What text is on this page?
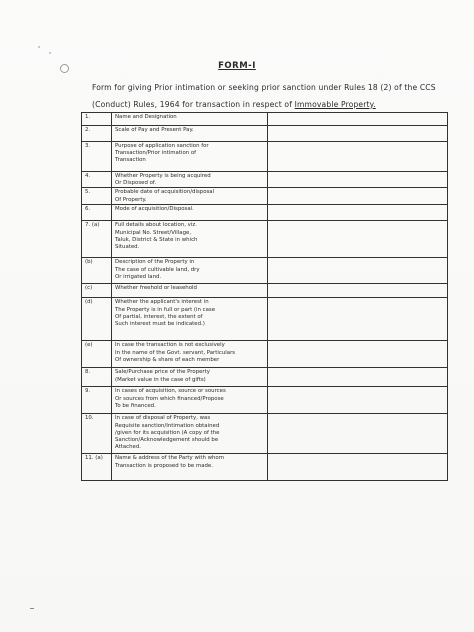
FORM-I
Form for giving Prior intimation or seeking prior sanction under Rules 18 (2) of the CCS
(Conduct) Rules, 1964 for transaction in respect of Immovable Property.
1.	Name and Designation	
2.	Scale of Pay and Present Pay.	
3.	Purpose of application sanction for
Transaction/Prior intimation of
Transaction	
4.	Whether Property is being acquired
Or Disposed of.	
5.	Probable date of acquisition/disposal
Of Property.	
6.	Mode of acquisition/Disposal.	
7. (a)	Full details about location, viz.
Municipal No. Street/Village,
Taluk, District & State in which
Situated.	
(b)	Description of the Property in
The case of cultivable land, dry
Or irrigated land.	
(c)	Whether freehold or leasehold	
(d)	Whether the applicant's interest in
The Property is in full or part (in case
Of partial, interest, the extent of
Such interest must be indicated.)	
(e)	In case the transaction is not exclusively
In the name of the Govt. servant, Particulars
Of ownership & share of each member	
8.	Sale/Purchase price of the Property
(Market value in the case of gifts)	
9.	In cases of acquisition, source or sources
Or sources from which financed/Propose
To be financed.	
10.	In case of disposal of Property, was
Requisite sanction/Intimation obtained
/given for its acquisition (A copy of the
Sanction/Acknowledgement should be
Attached.	
11. (a)	Name & address of the Party with whom
Transaction is proposed to be made.	
